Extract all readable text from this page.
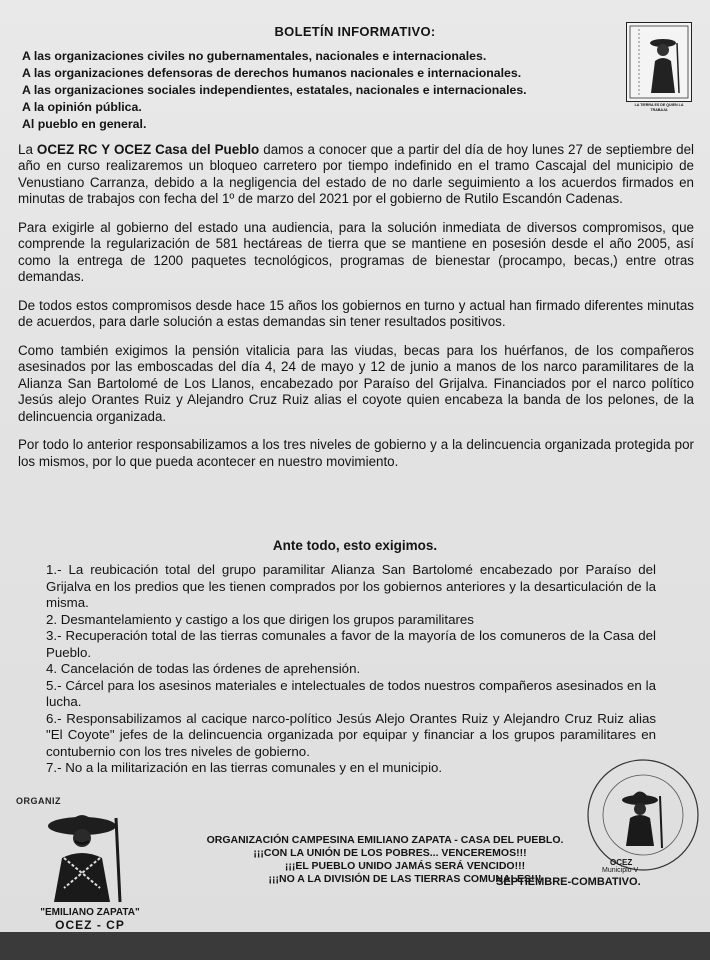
BOLETÍN INFORMATIVO:
A las organizaciones civiles no gubernamentales, nacionales e internacionales.
A las organizaciones defensoras de derechos humanos nacionales e internacionales.
A las organizaciones sociales independientes, estatales, nacionales e internacionales.
A la opinión pública.
Al pueblo en general.
LA TIERRA ES DE QUIEN LA TRABAJA

La OCEZ RC Y OCEZ Casa del Pueblo damos a conocer que a partir del día de hoy lunes 27 de septiembre del año en curso realizaremos un bloqueo carretero por tiempo indefinido en el tramo Cascajal del municipio de Venustiano Carranza, debido a la negligencia del estado de no darle seguimiento a los acuerdos firmados en minutas de trabajos con fecha del 1º de marzo del 2021 por el gobierno de Rutilo Escandón Cadenas.

Para exigirle al gobierno del estado una audiencia, para la solución inmediata de diversos compromisos, que comprende la regularización de 581 hectáreas de tierra que se mantiene en posesión desde el año 2005, así como la entrega de 1200 paquetes tecnológicos, programas de bienestar (procampo, becas,) entre otras demandas.

De todos estos compromisos desde hace 15 años los gobiernos en turno y actual han firmado diferentes minutas de acuerdos, para darle solución a estas demandas sin tener resultados positivos.

Como también exigimos la pensión vitalicia para las viudas, becas para los huérfanos, de los compañeros asesinados por las emboscadas del día 4, 24 de mayo y 12 de junio a manos de los narco paramilitares de la Alianza San Bartolomé de Los Llanos, encabezado por Paraíso del Grijalva. Financiados por el narco político Jesús alejo Orantes Ruiz y Alejandro Cruz Ruiz alias el coyote quien encabeza la banda de los pelones, de la delincuencia organizada.

Por todo lo anterior responsabilizamos a los tres niveles de gobierno y a la delincuencia organizada protegida por los mismos, por lo que pueda acontecer en nuestro movimiento.

Ante todo, esto exigimos.
1.- La reubicación total del grupo paramilitar Alianza San Bartolomé encabezado por Paraíso del Grijalva en los predios que les tienen comprados por los gobiernos anteriores y la desarticulación de la misma.
2. Desmantelamiento y castigo a los que dirigen los grupos paramilitares
3.- Recuperación total de las tierras comunales a favor de la mayoría de los comuneros de la Casa del Pueblo.
4. Cancelación de todas las órdenes de aprehensión.
5.- Cárcel para los asesinos materiales e intelectuales de todos nuestros compañeros asesinados en la lucha.
6.- Responsabilizamos al cacique narco-político Jesús Alejo Orantes Ruiz y Alejandro Cruz Ruiz alias "El Coyote" jefes de la delincuencia organizada por equipar y financiar a los grupos paramilitares en contubernio con los tres niveles de gobierno.
7.- No a la militarización en las tierras comunales y en el municipio.
ORGANIZ
"EMILIANO ZAPATA"
OCEZ - CP
ORGANIZACIÓN CAMPESINA EMILIANO ZAPATA - CASA DEL PUEBLO.
¡¡¡CON LA UNIÓN DE LOS POBRES... VENCEREMOS!!!
¡¡¡EL PUEBLO UNIDO JAMÁS SERÁ VENCIDO!!!
¡¡¡NO A LA DIVISIÓN DE LAS TIERRAS COMUNALES!!!
SEPTIEMBRE-COMBATIVO.
OCEZ
Municipio V
